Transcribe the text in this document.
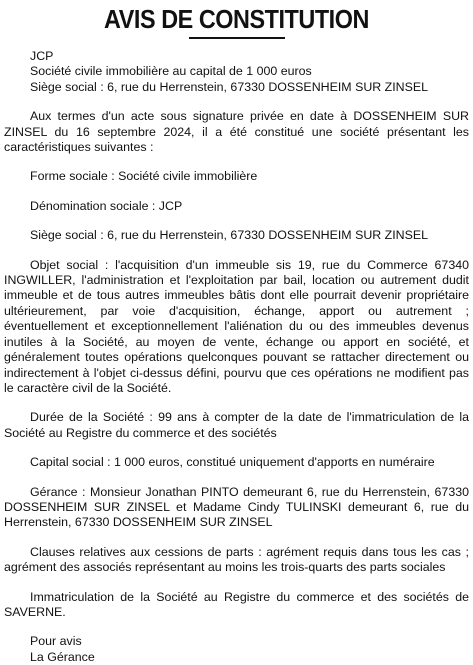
AVIS DE CONSTITUTION

JCP
Société civile immobilière au capital de 1 000 euros
Siège social : 6, rue du Herrenstein, 67330 DOSSENHEIM SUR ZINSEL

Aux termes d'un acte sous signature privée en date à DOSSENHEIM SUR ZINSEL du 16 septembre 2024, il a été constitué une société présentant les caractéristiques suivantes :

Forme sociale : Société civile immobilière

Dénomination sociale : JCP

Siège social : 6, rue du Herrenstein, 67330 DOSSENHEIM SUR ZINSEL

Objet social : l'acquisition d'un immeuble sis 19, rue du Commerce 67340 INGWILLER, l'administration et l'exploitation par bail, location ou autrement dudit immeuble et de tous autres immeubles bâtis dont elle pourrait devenir propriétaire ultérieurement, par voie d'acquisition, échange, apport ou autrement ; éventuellement et exceptionnellement l'aliénation du ou des immeubles devenus inutiles à la Société, au moyen de vente, échange ou apport en société, et généralement toutes opérations quelconques pouvant se rattacher directement ou indirectement à l'objet ci-dessus défini, pourvu que ces opérations ne modifient pas le caractère civil de la Société.

Durée de la Société : 99 ans à compter de la date de l'immatriculation de la Société au Registre du commerce et des sociétés

Capital social : 1 000 euros, constitué uniquement d'apports en numéraire

Gérance : Monsieur Jonathan PINTO demeurant 6, rue du Herrenstein, 67330 DOSSENHEIM SUR ZINSEL et Madame Cindy TULINSKI demeurant 6, rue du Herrenstein, 67330 DOSSENHEIM SUR ZINSEL

Clauses relatives aux cessions de parts : agrément requis dans tous les cas ; agrément des associés représentant au moins les trois-quarts des parts sociales

Immatriculation de la Société au Registre du commerce et des sociétés de SAVERNE.

Pour avis
La Gérance
